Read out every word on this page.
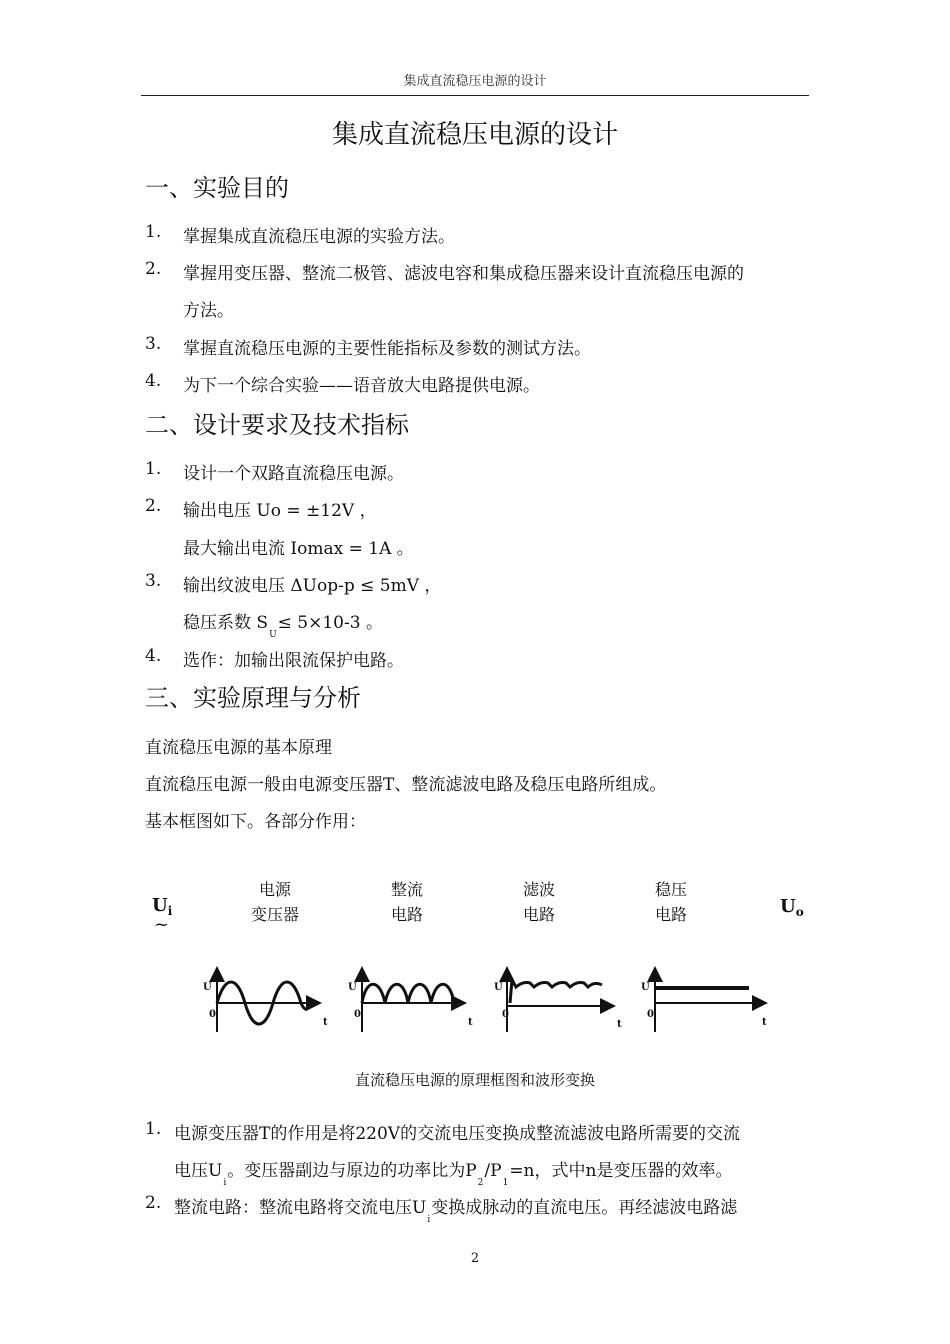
集成直流稳压电源的设计
集成直流稳压电源的设计
一、实验目的
1. 掌握集成直流稳压电源的实验方法。
2. 掌握用变压器、整流二极管、滤波电容和集成稳压器来设计直流稳压电源的
方法。
3. 掌握直流稳压电源的主要性能指标及参数的测试方法。
4. 为下一个综合实验——语音放大电路提供电源。
二、设计要求及技术指标
1. 设计一个双路直流稳压电源。
2. 输出电压 Uo = ±12V ，
最大输出电流 Iomax = 1A 。
3. 输出纹波电压 ΔUop-p ≤ 5mV ，
稳压系数 $S_U\le 5\times 10-3$ 。
4. 选作：加输出限流保护电路。
三、实验原理与分析
直流稳压电源的基本原理
直流稳压电源一般由电源变压器T、整流滤波电路及稳压电路所组成。
基本框图如下。各部分作用：
$U_i$
~
$U_o$
电源
变压器
整流
电路
滤波
电路
稳压
电路
U
0
t
U
0
t
U
0
t
U
0
t
直流稳压电源的原理框图和波形变换
1. 电源变压器T的作用是将220V的交流电压变换成整流滤波电路所需要的交流
电压$U_i$。变压器副边与原边的功率比为$P_2/P_1=n$，式中n是变压器的效率。
2. 整流电路：整流电路将交流电压$U_i$变换成脉动的直流电压。再经滤波电路滤
2
